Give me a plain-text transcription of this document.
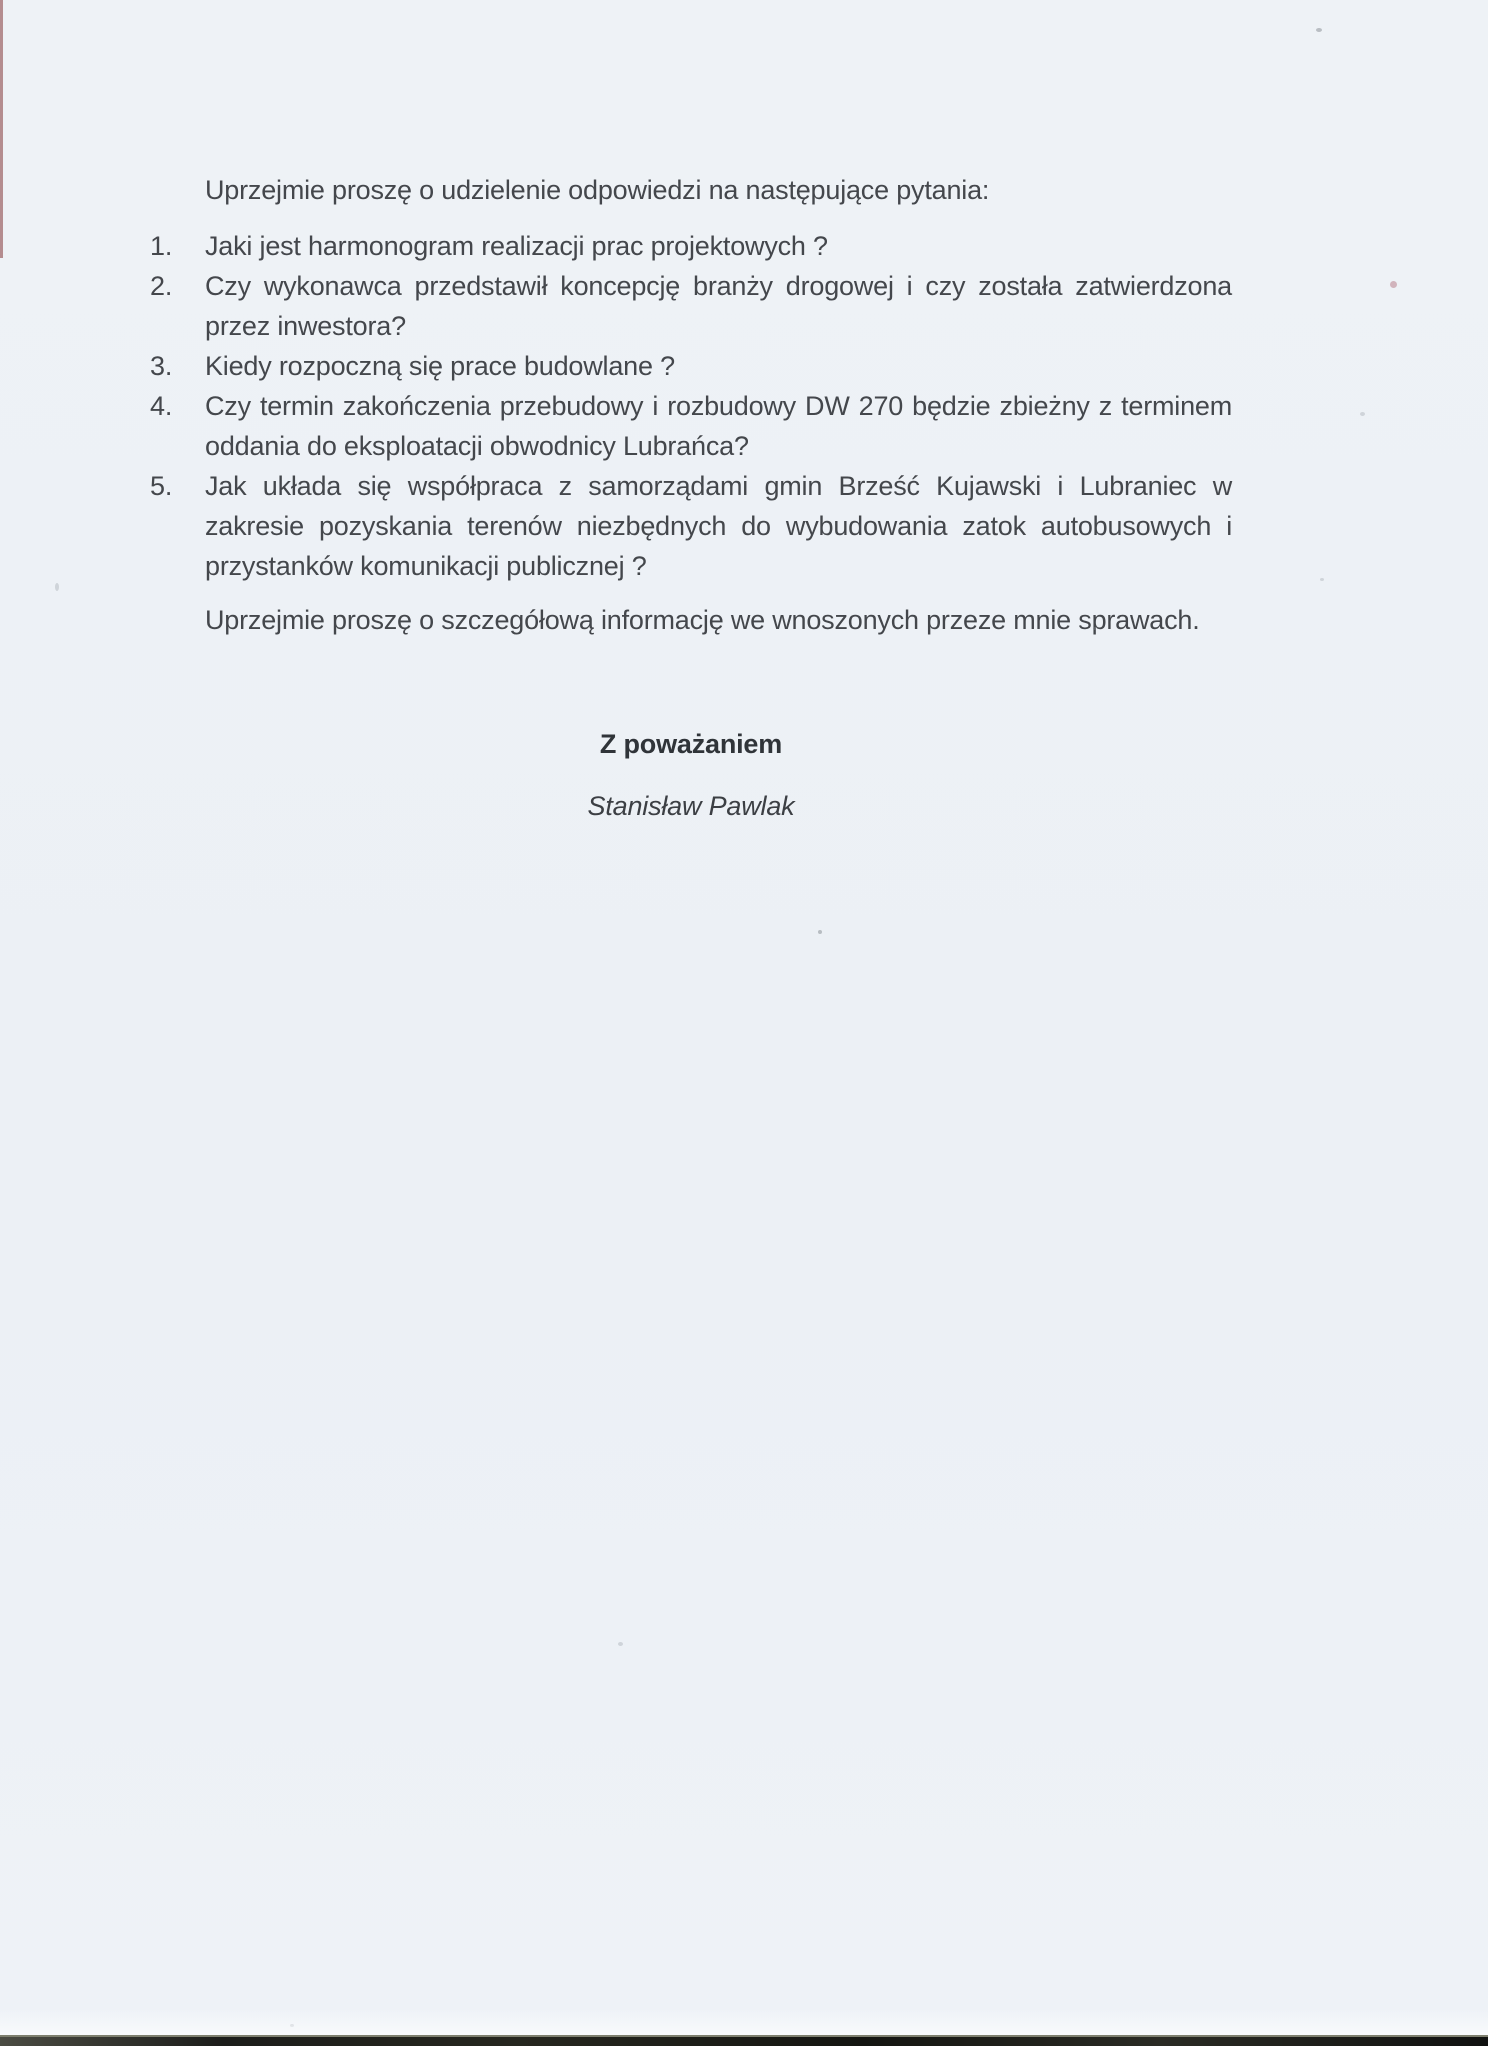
Uprzejmie proszę o udzielenie odpowiedzi na następujące pytania:

1.	Jaki jest harmonogram realizacji prac projektowych ?
2.	Czy wykonawca przedstawił koncepcję branży drogowej i czy została zatwierdzona przez inwestora?
3.	Kiedy rozpoczną się prace budowlane ?
4.	Czy termin zakończenia przebudowy i rozbudowy DW 270 będzie zbieżny z terminem oddania do eksploatacji obwodnicy Lubrańca?
5.	Jak układa się współpraca z samorządami gmin Brześć Kujawski i Lubraniec w zakresie pozyskania terenów niezbędnych do wybudowania zatok autobusowych i przystanków komunikacji publicznej ?

Uprzejmie proszę o szczegółową informację we wnoszonych przeze mnie sprawach.

Z poważaniem
Stanisław Pawlak
